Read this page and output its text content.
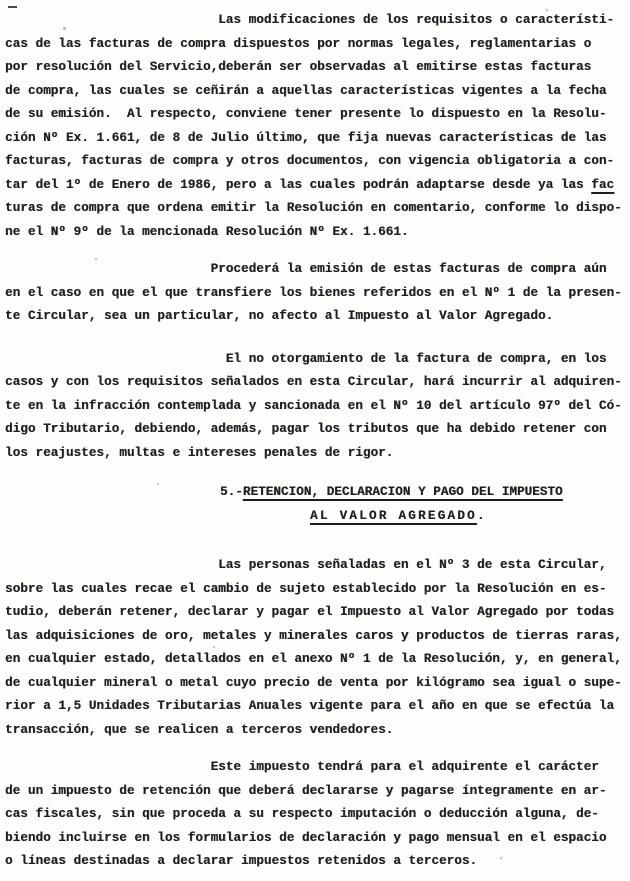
Las modificaciones de los requisitos o característi-
cas de las facturas de compra dispuestos por normas legales, reglamentarias o
por resolución del Servicio,deberán ser observadas al emitirse estas facturas
de compra, las cuales se ceñirán a aquellas características vigentes a la fecha
de su emisión.  Al respecto, conviene tener presente lo dispuesto en la Resolu-
ción Nº Ex. 1.661, de 8 de Julio último, que fija nuevas características de las
facturas, facturas de compra y otros documentos, con vigencia obligatoria a con-
tar del 1º de Enero de 1986, pero a las cuales podrán adaptarse desde ya las fac
turas de compra que ordena emitir la Resolución en comentario, conforme lo dispo-
ne el Nº 9º de la mencionada Resolución Nº Ex. 1.661.
Procederá la emisión de estas facturas de compra aún
en el caso en que el que transfiere los bienes referidos en el Nº 1 de la presen-
te Circular, sea un particular, no afecto al Impuesto al Valor Agregado.
El no otorgamiento de la factura de compra, en los
casos y con los requisitos señalados en esta Circular, hará incurrir al adquiren-
te en la infracción contemplada y sancionada en el Nº 10 del artículo 97º del Có-
digo Tributario, debiendo, además, pagar los tributos que ha debido retener con
los reajustes, multas e intereses penales de rigor.
5.-RETENCION, DECLARACION Y PAGO DEL IMPUESTO
AL VALOR AGREGADO.
Las personas señaladas en el Nº 3 de esta Circular,
sobre las cuales recae el cambio de sujeto establecido por la Resolución en es-
tudio, deberán retener, declarar y pagar el Impuesto al Valor Agregado por todas
las adquisiciones de oro, metales y minerales caros y productos de tierras raras,
en cualquier estado, detallados en el anexo Nº 1 de la Resolución, y, en general,
de cualquier mineral o metal cuyo precio de venta por kilógramo sea igual o supe-
rior a 1,5 Unidades Tributarias Anuales vigente para el año en que se efectúa la
transacción, que se realicen a terceros vendedores.
Este impuesto tendrá para el adquirente el carácter
de un impuesto de retención que deberá declararse y pagarse íntegramente en ar-
cas fiscales, sin que proceda a su respecto imputación o deducción alguna, de-
biendo incluirse en los formularios de declaración y pago mensual en el espacio
o líneas destinadas a declarar impuestos retenidos a terceros.
